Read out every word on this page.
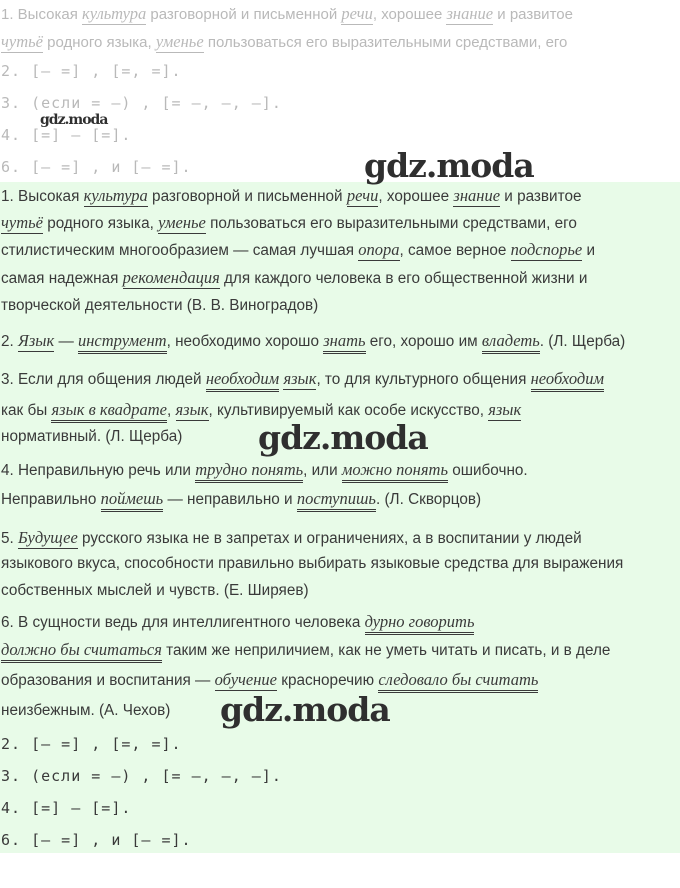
1. Высокая культура разговорной и письменной речи, хорошее знание и развитое
чутьё родного языка, уменье пользоваться его выразительными средствами, его
2. [– =] , [=, =].
3. (если = –) , [= –, –, –].
4. [=] – [=].
6. [– =] , и [– =].
gdz.moda
gdz.moda
1. Высокая культура разговорной и письменной речи, хорошее знание и развитое
чутьё родного языка, уменье пользоваться его выразительными средствами, его
стилистическим многообразием — самая лучшая опора, самое верное подспорье и
самая надежная рекомендация для каждого человека в его общественной жизни и
творческой деятельности (В. В. Виноградов)
2. Язык — инструмент, необходимо хорошо знать его, хорошо им владеть. (Л. Щерба)
3. Если для общения людей необходим язык, то для культурного общения необходим
как бы язык в квадрате, язык, культивируемый как особе искусство, язык
нормативный. (Л. Щерба) gdz.moda
4. Неправильную речь или трудно понять, или можно понять ошибочно.
Неправильно поймешь — неправильно и поступишь. (Л. Скворцов)
5. Будущее русского языка не в запретах и ограничениях, а в воспитании у людей
языкового вкуса, способности правильно выбирать языковые средства для выражения
собственных мыслей и чувств. (Е. Ширяев)
6. В сущности ведь для интеллигентного человека дурно говорить
должно бы считаться таким же неприличием, как не уметь читать и писать, и в деле
образования и воспитания — обучение красноречию следовало бы считать
неизбежным. (А. Чехов) gdz.moda
2. [– =] , [=, =].
3. (если = –) , [= –, –, –].
4. [=] – [=].
6. [– =] , и [– =].
